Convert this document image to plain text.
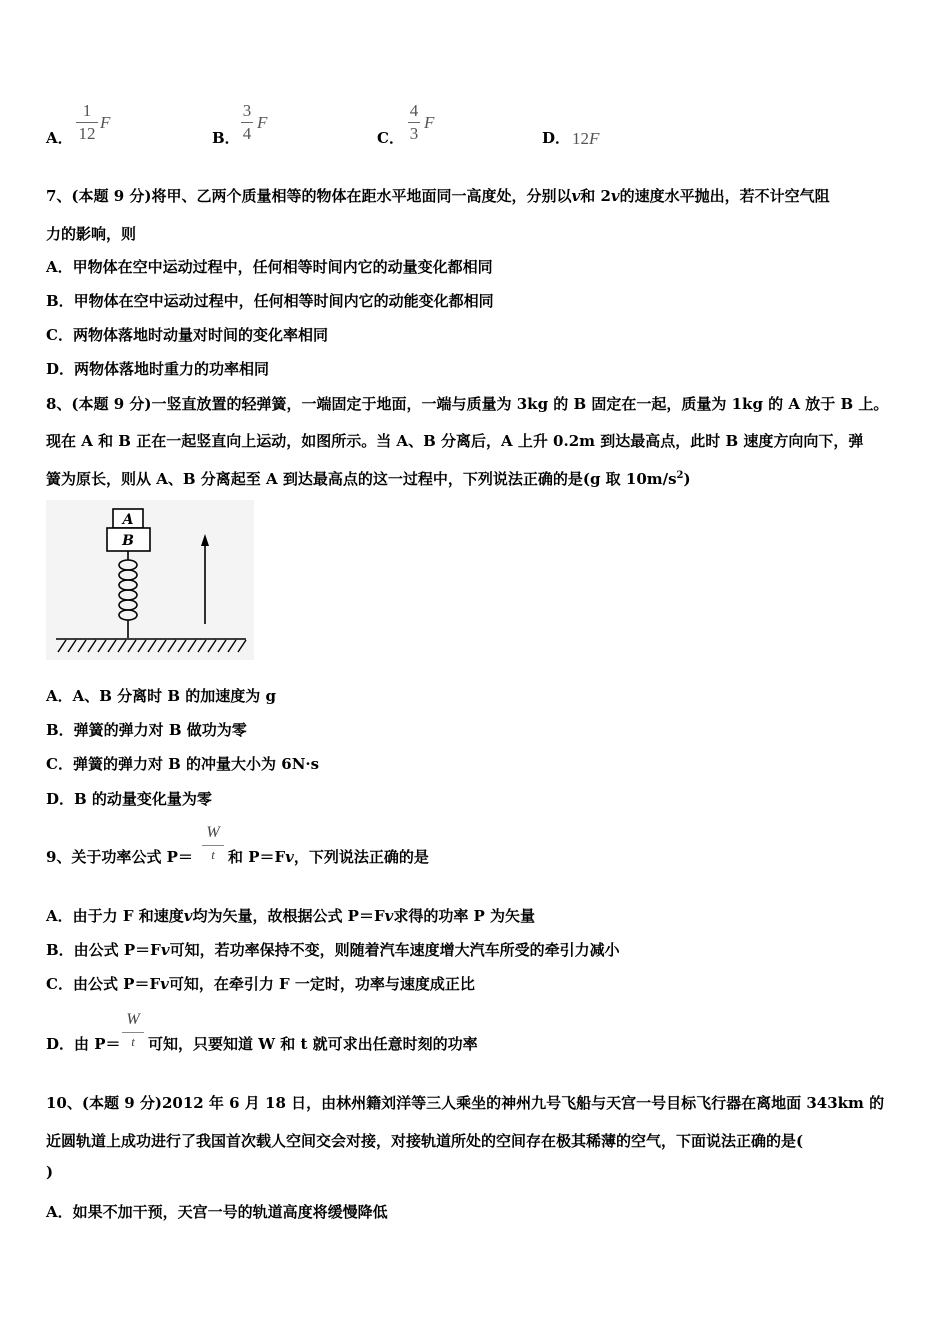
A．
1
12
F
B．
3
4
F
C．
4
3
F
D． 12F
7、(本题 9 分)将甲、乙两个质量相等的物体在距水平地面同一高度处，分别以v和 2v的速度水平抛出，若不计空气阻
力的影响，则
A．甲物体在空中运动过程中，任何相等时间内它的动量变化都相同
B．甲物体在空中运动过程中，任何相等时间内它的动能变化都相同
C．两物体落地时动量对时间的变化率相同
D．两物体落地时重力的功率相同
8、(本题 9 分)一竖直放置的轻弹簧，一端固定于地面，一端与质量为 3kg 的 B 固定在一起，质量为 1kg 的 A 放于 B 上。
现在 A 和 B 正在一起竖直向上运动，如图所示。当 A、B 分离后，A 上升 0.2m 到达最高点，此时 B 速度方向向下，弹
簧为原长，则从 A、B 分离起至 A 到达最高点的这一过程中，下列说法正确的是(g 取 $10m/s^2$)
A
B
A．A、B 分离时 B 的加速度为 g
B．弹簧的弹力对 B 做功为零
C．弹簧的弹力对 B 的冲量大小为 6N·s
D．B 的动量变化量为零
9、关于功率公式 P＝
W
t 和 P＝Fv，下列说法正确的是
A．由于力 F 和速度v均为矢量，故根据公式 P＝Fv求得的功率 P 为矢量
B．由公式 P＝Fv可知，若功率保持不变，则随着汽车速度增大汽车所受的牵引力减小
C．由公式 P＝Fv可知，在牵引力 F 一定时，功率与速度成正比
D．由 P＝
W
t 可知，只要知道 W 和 t 就可求出任意时刻的功率
10、(本题 9 分)2012 年 6 月 18 日，由林州籍刘洋等三人乘坐的神州九号飞船与天宫一号目标飞行器在离地面 343km 的
近圆轨道上成功进行了我国首次载人空间交会对接，对接轨道所处的空间存在极其稀薄的空气，下面说法正确的是(
)
A．如果不加干预，天宫一号的轨道高度将缓慢降低
